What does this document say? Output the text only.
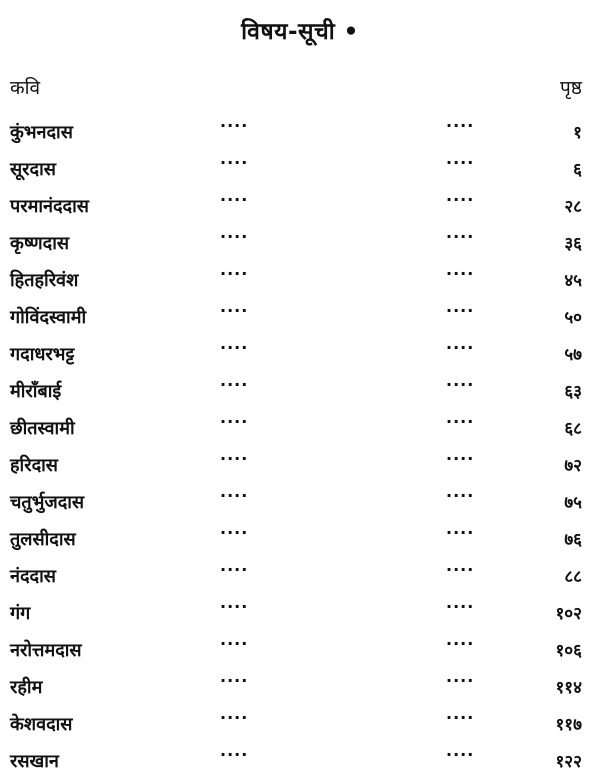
विषय-सूची •
कवि	पृष्ठ
कुंभनदास	····	····	१
सूरदास	····	····	६
परमानंददास	····	····	२८
कृष्णदास	····	····	३६
हितहरिवंश	····	····	४५
गोविंदस्वामी	····	····	५०
गदाधरभट्ट	····	····	५७
मीराँबाई	····	····	६३
छीतस्वामी	····	····	६८
हरिदास	····	····	७२
चतुर्भुजदास	····	····	७५
तुलसीदास	····	····	७६
नंददास	····	····	८८
गंग	····	····	१०२
नरोत्तमदास	····	····	१०६
रहीम	····	····	११४
केशवदास	····	····	११७
रसखान	····	····	१२२
